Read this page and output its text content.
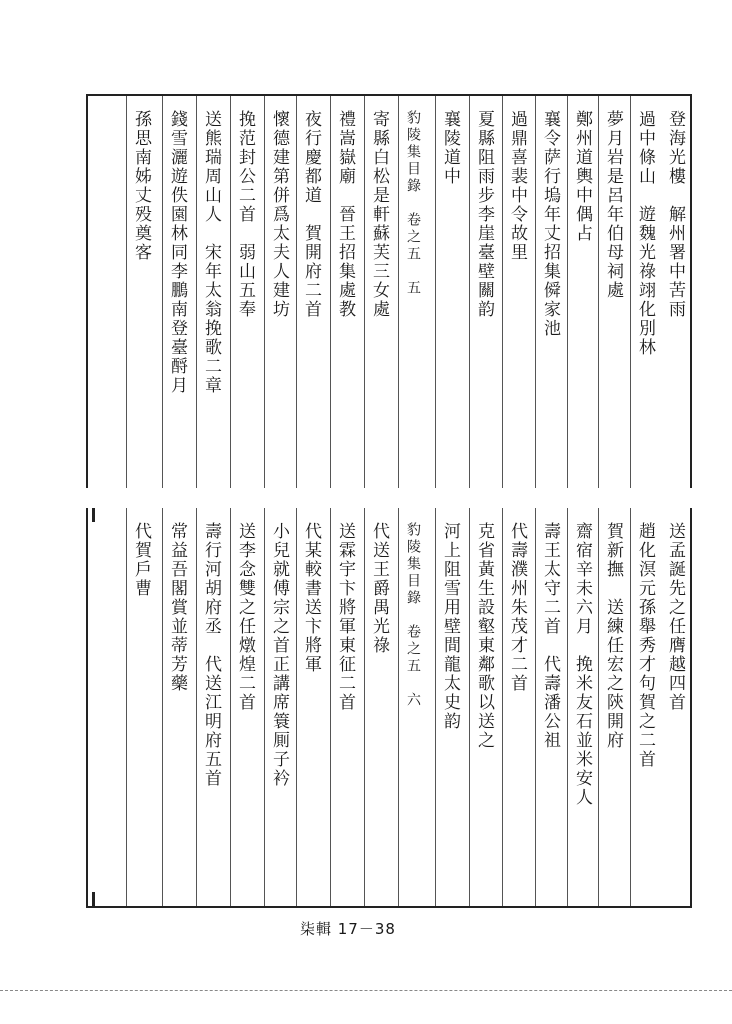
登海光樓　解州署中苦雨
過中條山　遊魏光祿翊化別林
夢月岩是呂年伯母祠處
鄭州道輿中偶占
襄令萨行塢年丈招集僢家池
過鼎喜裴中令故里
夏縣阻雨步李崖臺壁關韵
襄陵道中
豹陵集目錄　卷之五　五
寄縣白松是軒蘇芙三女處
禮嵩嶽廟　晉王招集處教
夜行慶都道　賀開府二首
懷德建第併爲太夫人建坊
挽范封公二首　弱山五奉
送熊瑞周山人　宋年太翁挽歌二章
錢雪灑遊佚園林同李鵬南登臺酹月
孫思南姊丈殁奠客
送孟誕先之任膺越四首
趙化溟元孫舉秀才句賀之二首
賀新撫　送練任宏之陝開府
齋宿辛未六月　挽米友石並米安人
壽王太守二首　代壽潘公祖
代壽濮州朱茂才二首
克省黃生設壑東鄰歌以送之
河上阻雪用壁間龍太史韵
豹陵集目錄　卷之五　六
代送王爵禺光祿
送霖宇卞將軍東征二首
代某較書送卞將軍
小兒就傅宗之首正講席簑厠子衿
送李念雙之任燉煌二首
壽行河胡府丞　代送江明府五首
常益吾閣賞並蒂芳藥
代賀戶曹
柒輯 17－38
